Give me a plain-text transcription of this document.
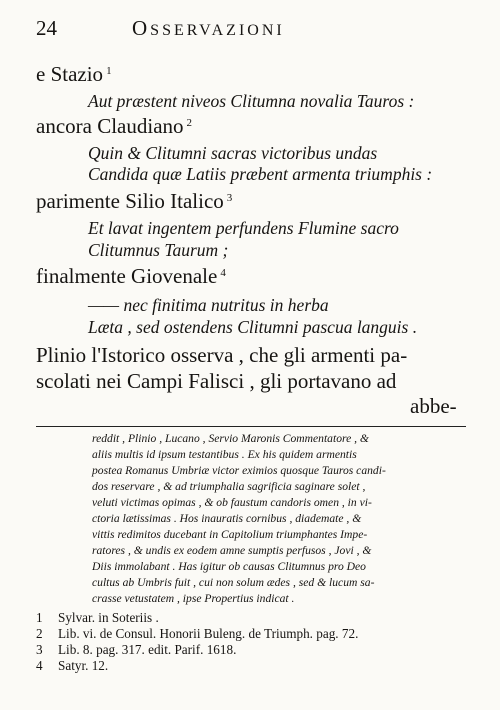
24	OSSERVAZIONI
e Stazio $^1$
Aut præstent niveos Clitumna novalia Tauros :
ancora Claudiano $^2$
Quin & Clitumni sacras victoribus undas
Candida quæ Latiis præbent armenta triumphis :
parimente Silio Italico $^3$
Et lavat ingentem perfundens Flumine sacro
Clitumnus Taurum ;
finalmente Giovenale $^4$
—— nec finitima nutritus in herba
Læta , sed ostendens Clitumni pascua languis .
Plinio l'Istorico osserva , che gli armenti pa-
scolati nei Campi Falisci , gli portavano ad
abbe-
reddit , Plinio , Lucano , Servio Maronis Commentatore , &
aliis multis id ipsum testantibus . Ex his quidem armentis
postea Romanus Umbriæ victor eximios quosque Tauros candi-
dos reservare , & ad triumphalia sagrificia saginare solet ,
veluti victimas opimas , & ob faustum candoris omen , in vi-
ctoria lætissimas . Hos inauratis cornibus , diademate , &
vittis redimitos ducebant in Capitolium triumphantes Impe-
ratores , & undis ex eodem amne sumptis perfusos , Jovi , &
Diis immolabant . Has igitur ob causas Clitumnus pro Deo
cultus ab Umbris fuit , cui non solum ædes , sed & lucum sa-
crasse vetustatem , ipse Propertius indicat .
1 Sylvar. in Soteriis .
2 Lib. vi. de Consul. Honorii Buleng. de Triumph. pag. 72.
3 Lib. 8. pag. 317. edit. Parif. 1618.
4 Satyr. 12.
